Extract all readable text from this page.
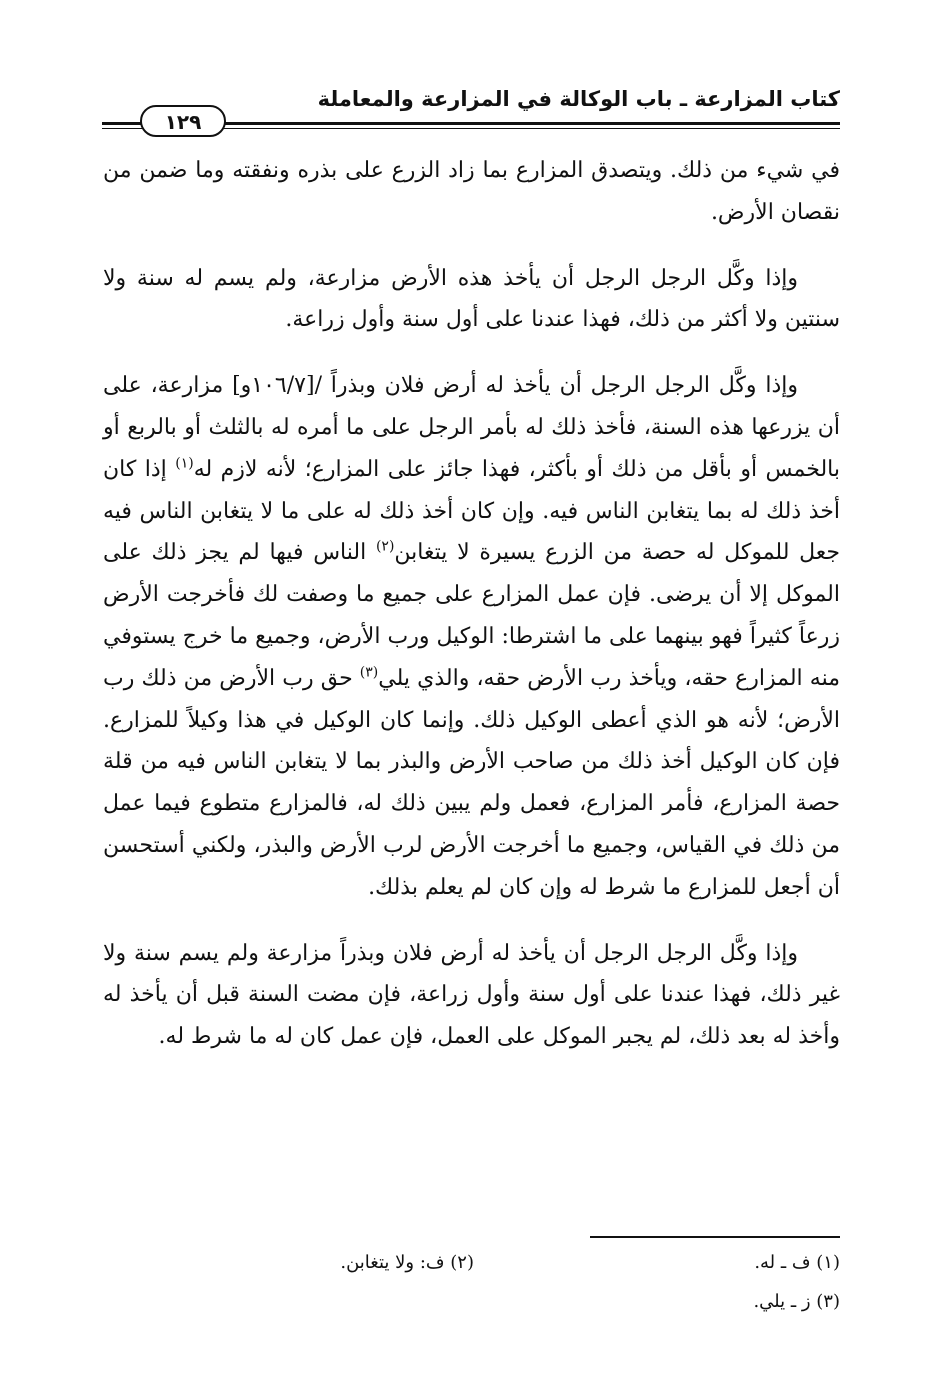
كتاب المزارعة ـ باب الوكالة في المزارعة والمعاملة
١٢٩

في شيء من ذلك. ويتصدق المزارع بما زاد الزرع على بذره ونفقته وما ضمن من نقصان الأرض.

وإذا وكَّل الرجل الرجل أن يأخذ هذه الأرض مزارعة، ولم يسم له سنة ولا سنتين ولا أكثر من ذلك، فهذا عندنا على أول سنة وأول زراعة.

وإذا وكَّل الرجل الرجل أن يأخذ له أرض فلان وبذراً /[١٠٦/٧و] مزارعة، على أن يزرعها هذه السنة، فأخذ ذلك له بأمر الرجل على ما أمره له بالثلث أو بالربع أو بالخمس أو بأقل من ذلك أو بأكثر، فهذا جائز على المزارع؛ لأنه لازم له$^{(١)}$ إذا كان أخذ ذلك له بما يتغابن الناس فيه. وإن كان أخذ ذلك له على ما لا يتغابن الناس فيه جعل للموكل له حصة من الزرع يسيرة لا يتغابن$^{(٢)}$ الناس فيها لم يجز ذلك على الموكل إلا أن يرضى. فإن عمل المزارع على جميع ما وصفت لك فأخرجت الأرض زرعاً كثيراً فهو بينهما على ما اشترطا: الوكيل ورب الأرض، وجميع ما خرج يستوفي منه المزارع حقه، ويأخذ رب الأرض حقه، والذي يلي$^{(٣)}$ حق رب الأرض من ذلك رب الأرض؛ لأنه هو الذي أعطى الوكيل ذلك. وإنما كان الوكيل في هذا وكيلاً للمزارع. فإن كان الوكيل أخذ ذلك من صاحب الأرض والبذر بما لا يتغابن الناس فيه من قلة حصة المزارع، فأمر المزارع، فعمل ولم يبين ذلك له، فالمزارع متطوع فيما عمل من ذلك في القياس، وجميع ما أخرجت الأرض لرب الأرض والبذر، ولكني أستحسن أن أجعل للمزارع ما شرط له وإن كان لم يعلم بذلك.

وإذا وكَّل الرجل الرجل أن يأخذ له أرض فلان وبذراً مزارعة ولم يسم سنة ولا غير ذلك، فهذا عندنا على أول سنة وأول زراعة، فإن مضت السنة قبل أن يأخذ له وأخذ له بعد ذلك، لم يجبر الموكل على العمل، فإن عمل كان له ما شرط له.

(١) ف ـ له.
(٢) ف: ولا يتغابن.
(٣) ز ـ يلي.
